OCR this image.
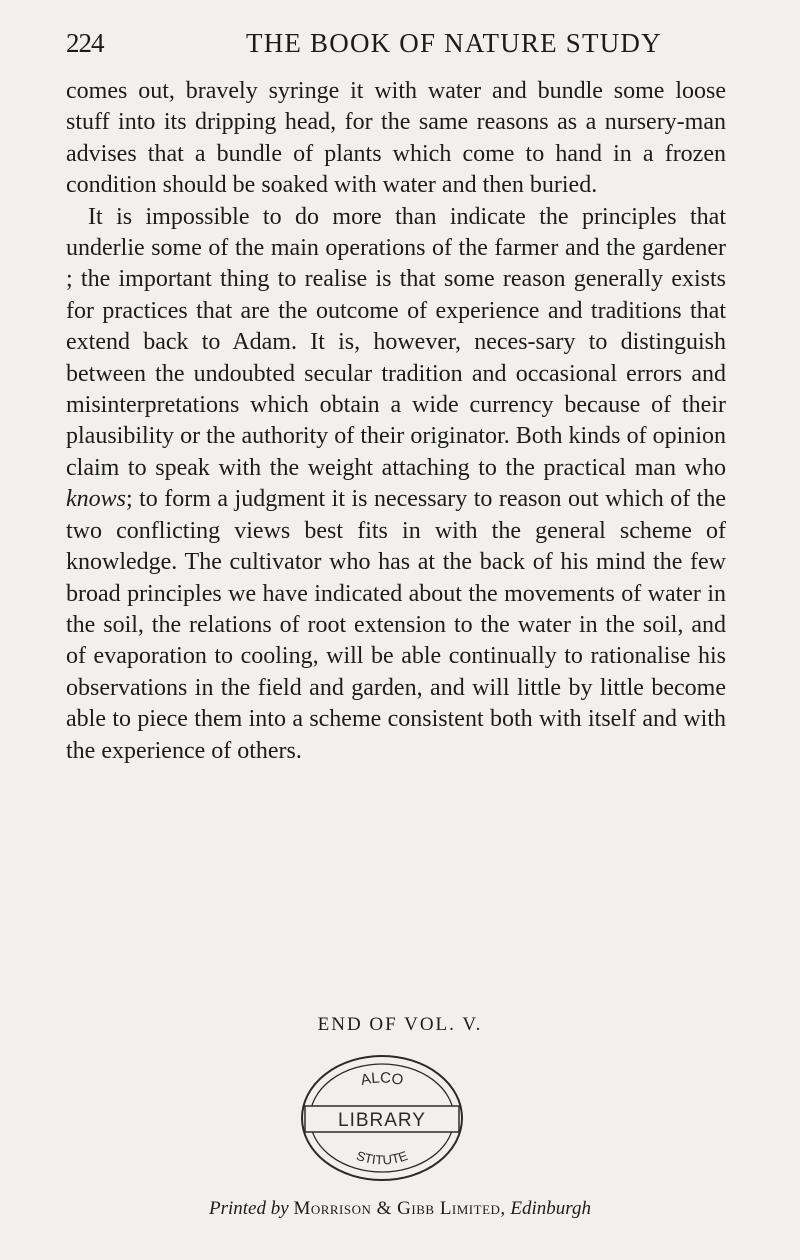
224	THE BOOK OF NATURE STUDY

comes out, bravely syringe it with water and bundle some loose stuff into its dripping head, for the same reasons as a nursery-man advises that a bundle of plants which come to hand in a frozen condition should be soaked with water and then buried.

It is impossible to do more than indicate the principles that underlie some of the main operations of the farmer and the gardener ; the important thing to realise is that some reason generally exists for practices that are the outcome of experience and traditions that extend back to Adam. It is, however, neces-sary to distinguish between the undoubted secular tradition and occasional errors and misinterpretations which obtain a wide currency because of their plausibility or the authority of their originator. Both kinds of opinion claim to speak with the weight attaching to the practical man who knows; to form a judgment it is necessary to reason out which of the two conflicting views best fits in with the general scheme of knowledge. The cultivator who has at the back of his mind the few broad principles we have indicated about the movements of water in the soil, the relations of root extension to the water in the soil, and of evaporation to cooling, will be able continually to rationalise his observations in the field and garden, and will little by little become able to piece them into a scheme consistent both with itself and with the experience of others.

END OF VOL. V.
ALCO
LIBRARY
STITUTE
Printed by Morrison & Gibb Limited, Edinburgh
